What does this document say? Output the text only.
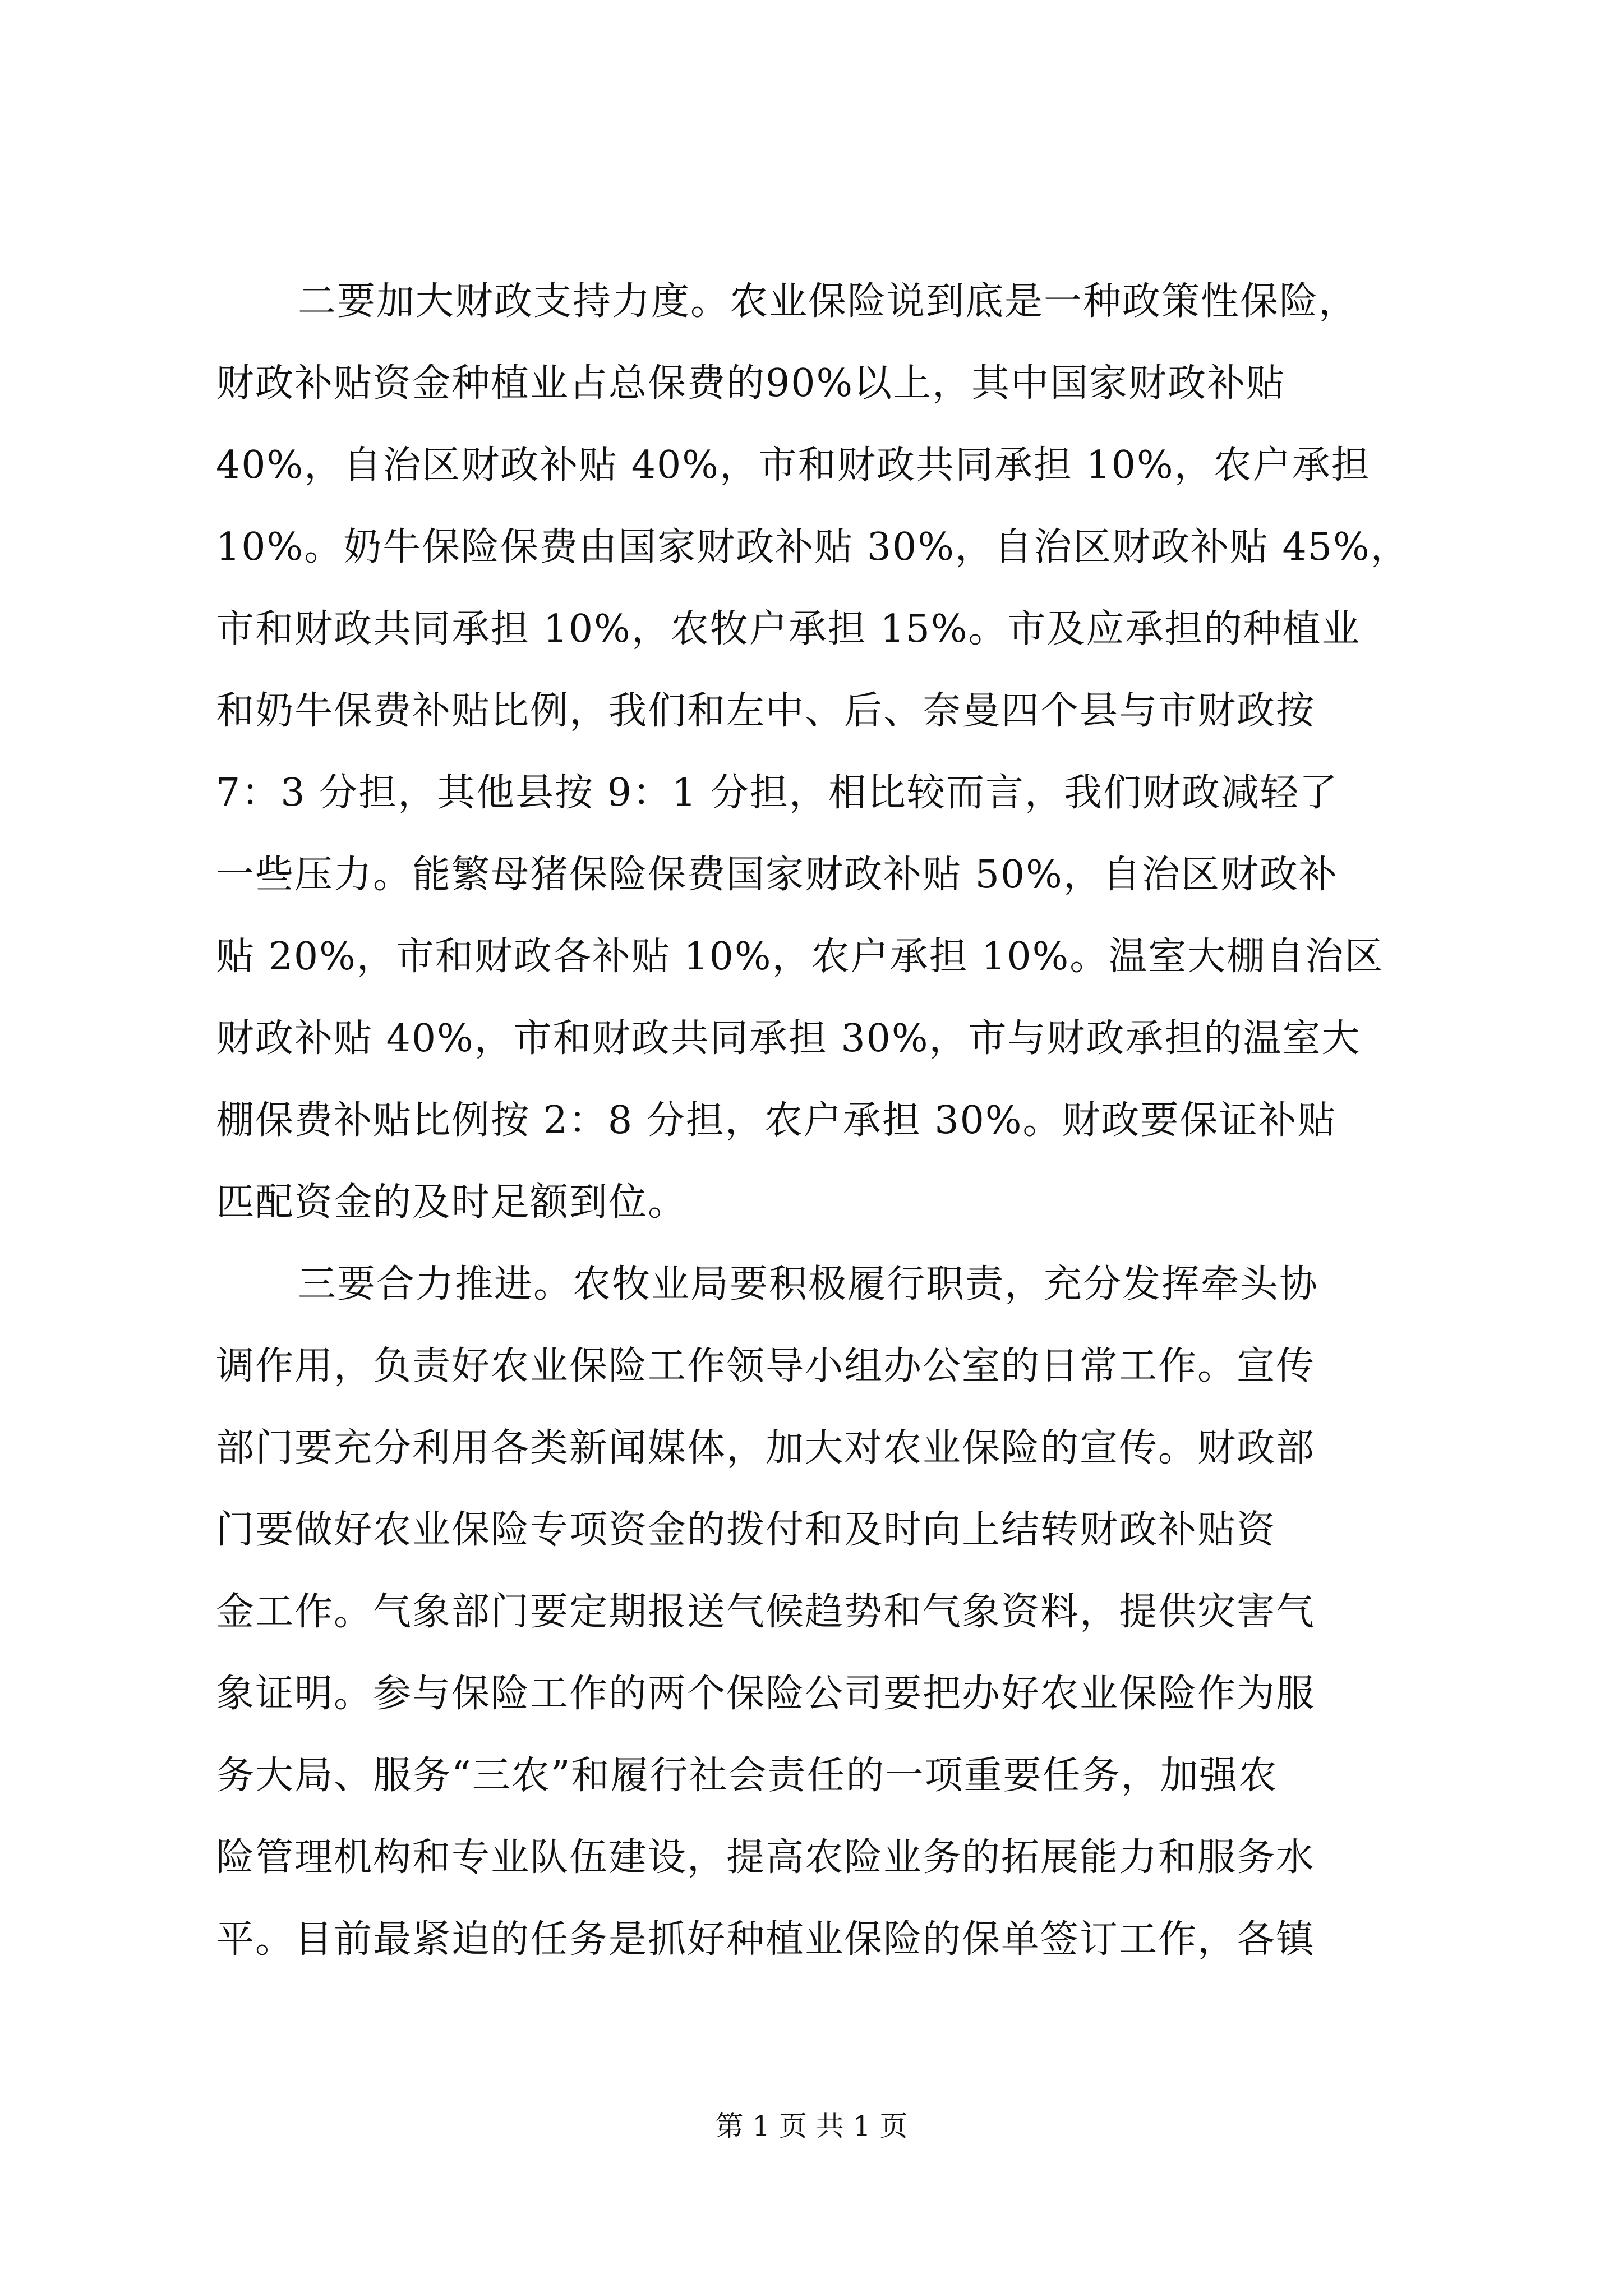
二要加大财政支持力度。农业保险说到底是一种政策性保险，
财政补贴资金种植业占总保费的90%以上，其中国家财政补贴
40%，自治区财政补贴 40%，市和财政共同承担 10%，农户承担
10%。奶牛保险保费由国家财政补贴 30%，自治区财政补贴 45%，
市和财政共同承担 10%，农牧户承担 15%。市及应承担的种植业
和奶牛保费补贴比例，我们和左中、后、奈曼四个县与市财政按
7：3 分担，其他县按 9：1 分担，相比较而言，我们财政减轻了
一些压力。能繁母猪保险保费国家财政补贴 50%，自治区财政补
贴 20%，市和财政各补贴 10%，农户承担 10%。温室大棚自治区
财政补贴 40%，市和财政共同承担 30%，市与财政承担的温室大
棚保费补贴比例按 2：8 分担，农户承担 30%。财政要保证补贴
匹配资金的及时足额到位。
三要合力推进。农牧业局要积极履行职责，充分发挥牵头协
调作用，负责好农业保险工作领导小组办公室的日常工作。宣传
部门要充分利用各类新闻媒体，加大对农业保险的宣传。财政部
门要做好农业保险专项资金的拨付和及时向上结转财政补贴资
金工作。气象部门要定期报送气候趋势和气象资料，提供灾害气
象证明。参与保险工作的两个保险公司要把办好农业保险作为服
务大局、服务“三农”和履行社会责任的一项重要任务，加强农
险管理机构和专业队伍建设，提高农险业务的拓展能力和服务水
平。目前最紧迫的任务是抓好种植业保险的保单签订工作，各镇
第 1 页 共 1 页
